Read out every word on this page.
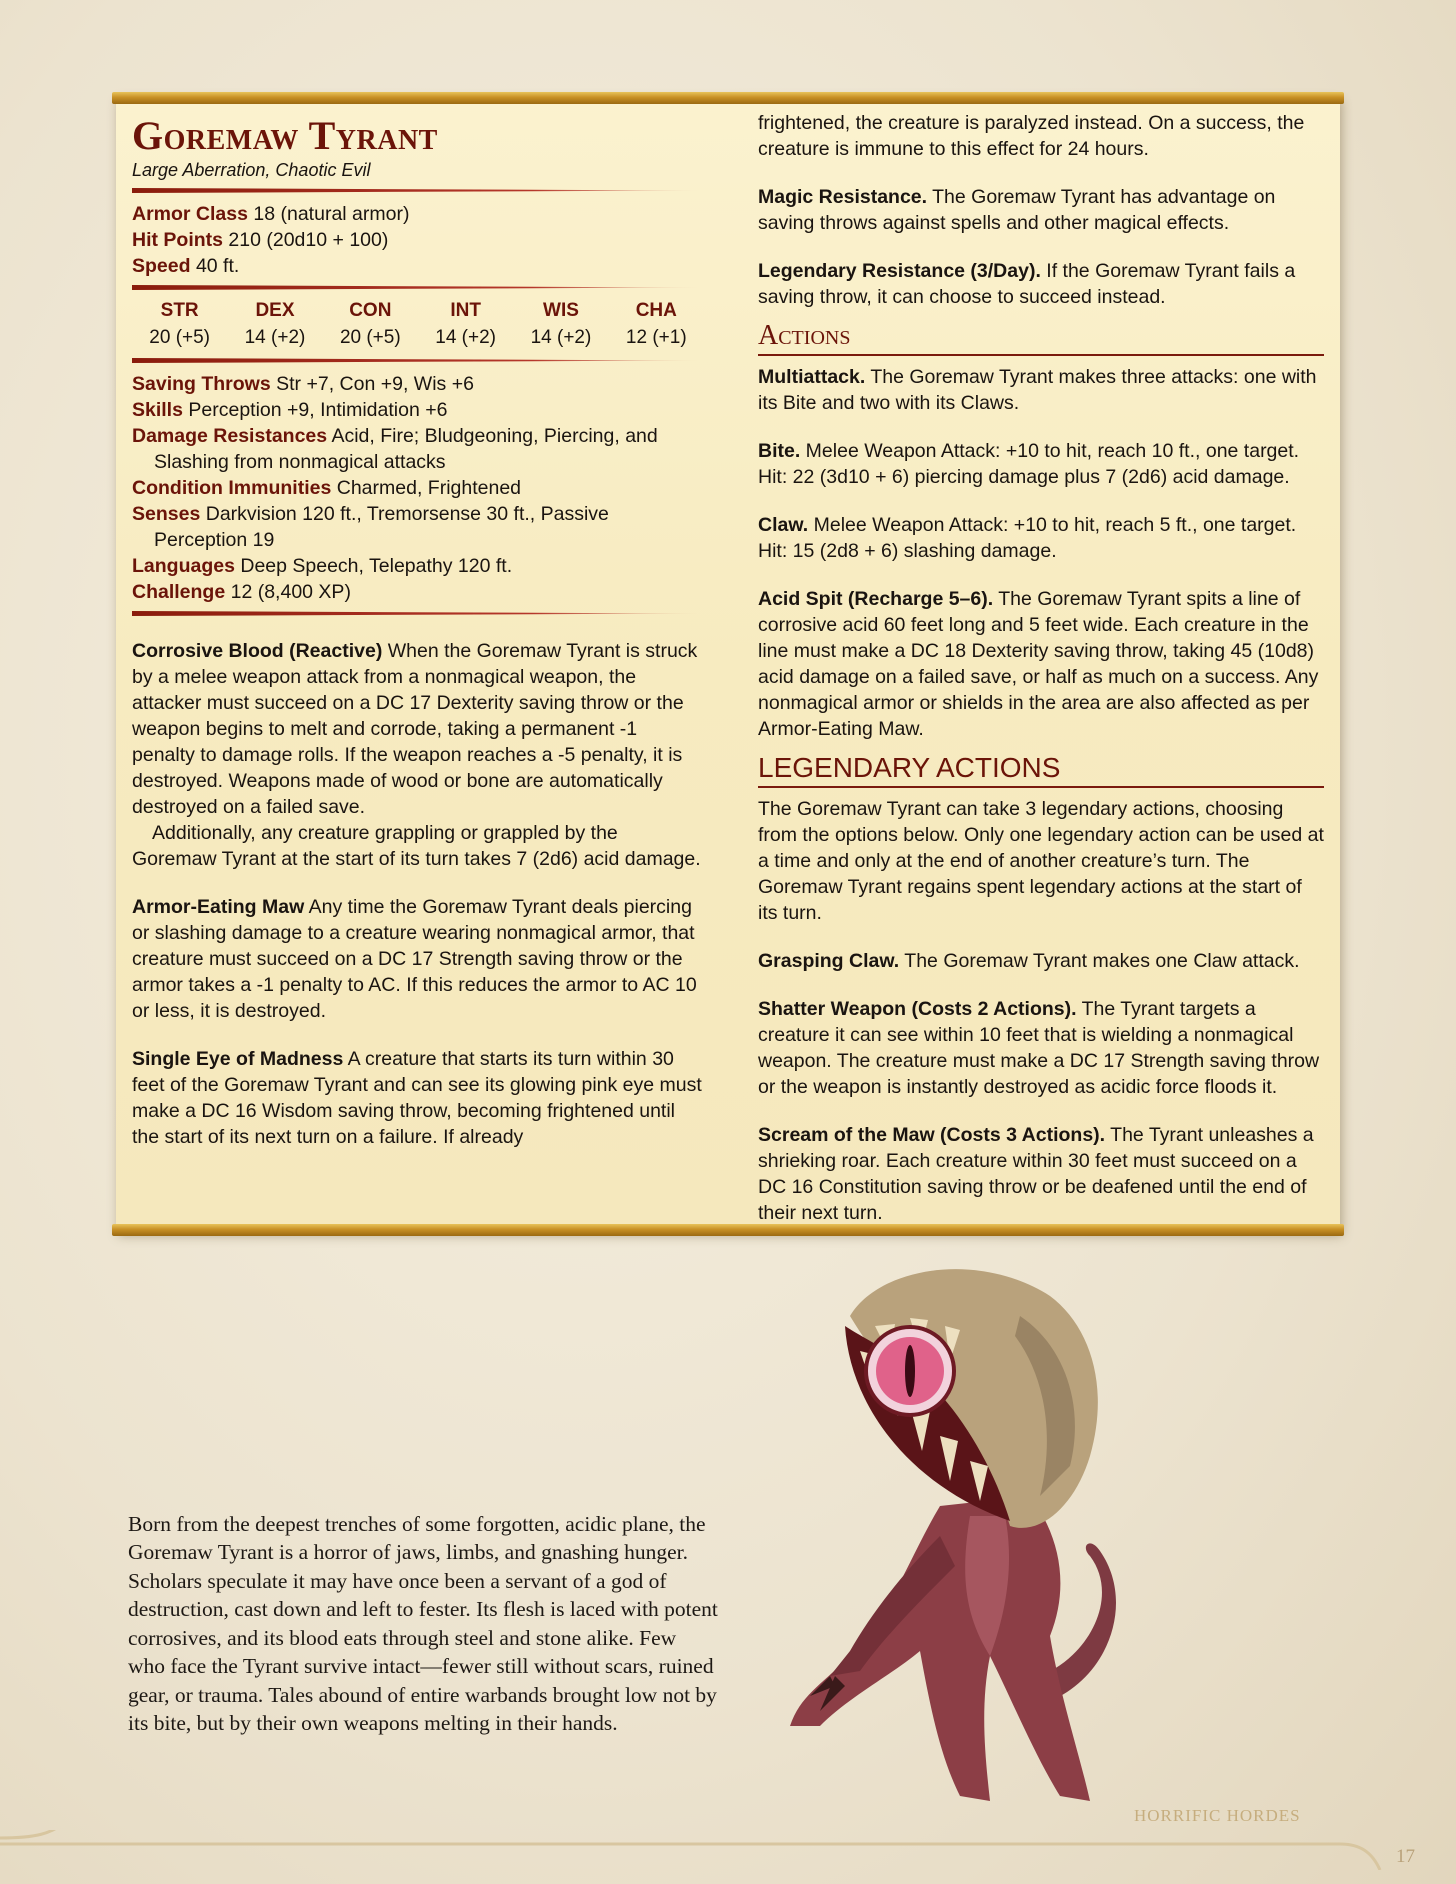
Goremaw Tyrant
Large Aberration, Chaotic Evil

Armor Class 18 (natural armor)

Hit Points 210 (20d10 + 100)

Speed 40 ft.

STR
20 (+5)
DEX
14 (+2)
CON
20 (+5)
INT
14 (+2)
WIS
14 (+2)
CHA
12 (+1)

Saving Throws Str +7, Con +9, Wis +6

Skills Perception +9, Intimidation +6

Damage Resistances Acid, Fire; Bludgeoning, Piercing, and Slashing from nonmagical attacks

Condition Immunities Charmed, Frightened

Senses Darkvision 120 ft., Tremorsense 30 ft., Passive Perception 19

Languages Deep Speech, Telepathy 120 ft.

Challenge 12 (8,400 XP)

Corrosive Blood (Reactive) When the Goremaw Tyrant is struck by a melee weapon attack from a nonmagical weapon, the attacker must succeed on a DC 17 Dexterity saving throw or the weapon begins to melt and corrode, taking a permanent -1 penalty to damage rolls. If the weapon reaches a -5 penalty, it is destroyed. Weapons made of wood or bone are automatically destroyed on a failed save.
Additionally, any creature grappling or grappled by the Goremaw Tyrant at the start of its turn takes 7 (2d6) acid damage.

Armor-Eating Maw Any time the Goremaw Tyrant deals piercing or slashing damage to a creature wearing nonmagical armor, that creature must succeed on a DC 17 Strength saving throw or the armor takes a -1 penalty to AC. If this reduces the armor to AC 10 or less, it is destroyed.

Single Eye of Madness A creature that starts its turn within 30 feet of the Goremaw Tyrant and can see its glowing pink eye must make a DC 16 Wisdom saving throw, becoming frightened until the start of its next turn on a failure. If already

frightened, the creature is paralyzed instead. On a success, the creature is immune to this effect for 24 hours.

Magic Resistance. The Goremaw Tyrant has advantage on saving throws against spells and other magical effects.

Legendary Resistance (3/Day). If the Goremaw Tyrant fails a saving throw, it can choose to succeed instead.

Actions

Multiattack. The Goremaw Tyrant makes three attacks: one with its Bite and two with its Claws.

Bite. Melee Weapon Attack: +10 to hit, reach 10 ft., one target. Hit: 22 (3d10 + 6) piercing damage plus 7 (2d6) acid damage.

Claw. Melee Weapon Attack: +10 to hit, reach 5 ft., one target. Hit: 15 (2d8 + 6) slashing damage.

Acid Spit (Recharge 5–6). The Goremaw Tyrant spits a line of corrosive acid 60 feet long and 5 feet wide. Each creature in the line must make a DC 18 Dexterity saving throw, taking 45 (10d8) acid damage on a failed save, or half as much on a success. Any nonmagical armor or shields in the area are also affected as per Armor-Eating Maw.

LEGENDARY ACTIONS

The Goremaw Tyrant can take 3 legendary actions, choosing from the options below. Only one legendary action can be used at a time and only at the end of another creature’s turn. The Goremaw Tyrant regains spent legendary actions at the start of its turn.

Grasping Claw. The Goremaw Tyrant makes one Claw attack.

Shatter Weapon (Costs 2 Actions). The Tyrant targets a creature it can see within 10 feet that is wielding a nonmagical weapon. The creature must make a DC 17 Strength saving throw or the weapon is instantly destroyed as acidic force floods it.

Scream of the Maw (Costs 3 Actions). The Tyrant unleashes a shrieking roar. Each creature within 30 feet must succeed on a DC 16 Constitution saving throw or be deafened until the end of their next turn.

Born from the deepest trenches of some forgotten, acidic plane, the Goremaw Tyrant is a horror of jaws, limbs, and gnashing hunger. Scholars speculate it may have once been a servant of a god of destruction, cast down and left to fester. Its flesh is laced with potent corrosives, and its blood eats through steel and stone alike. Few who face the Tyrant survive intact—fewer still without scars, ruined gear, or trauma. Tales abound of entire warbands brought low not by its bite, but by their own weapons melting in their hands.

HORRIFIC HORDES
17
